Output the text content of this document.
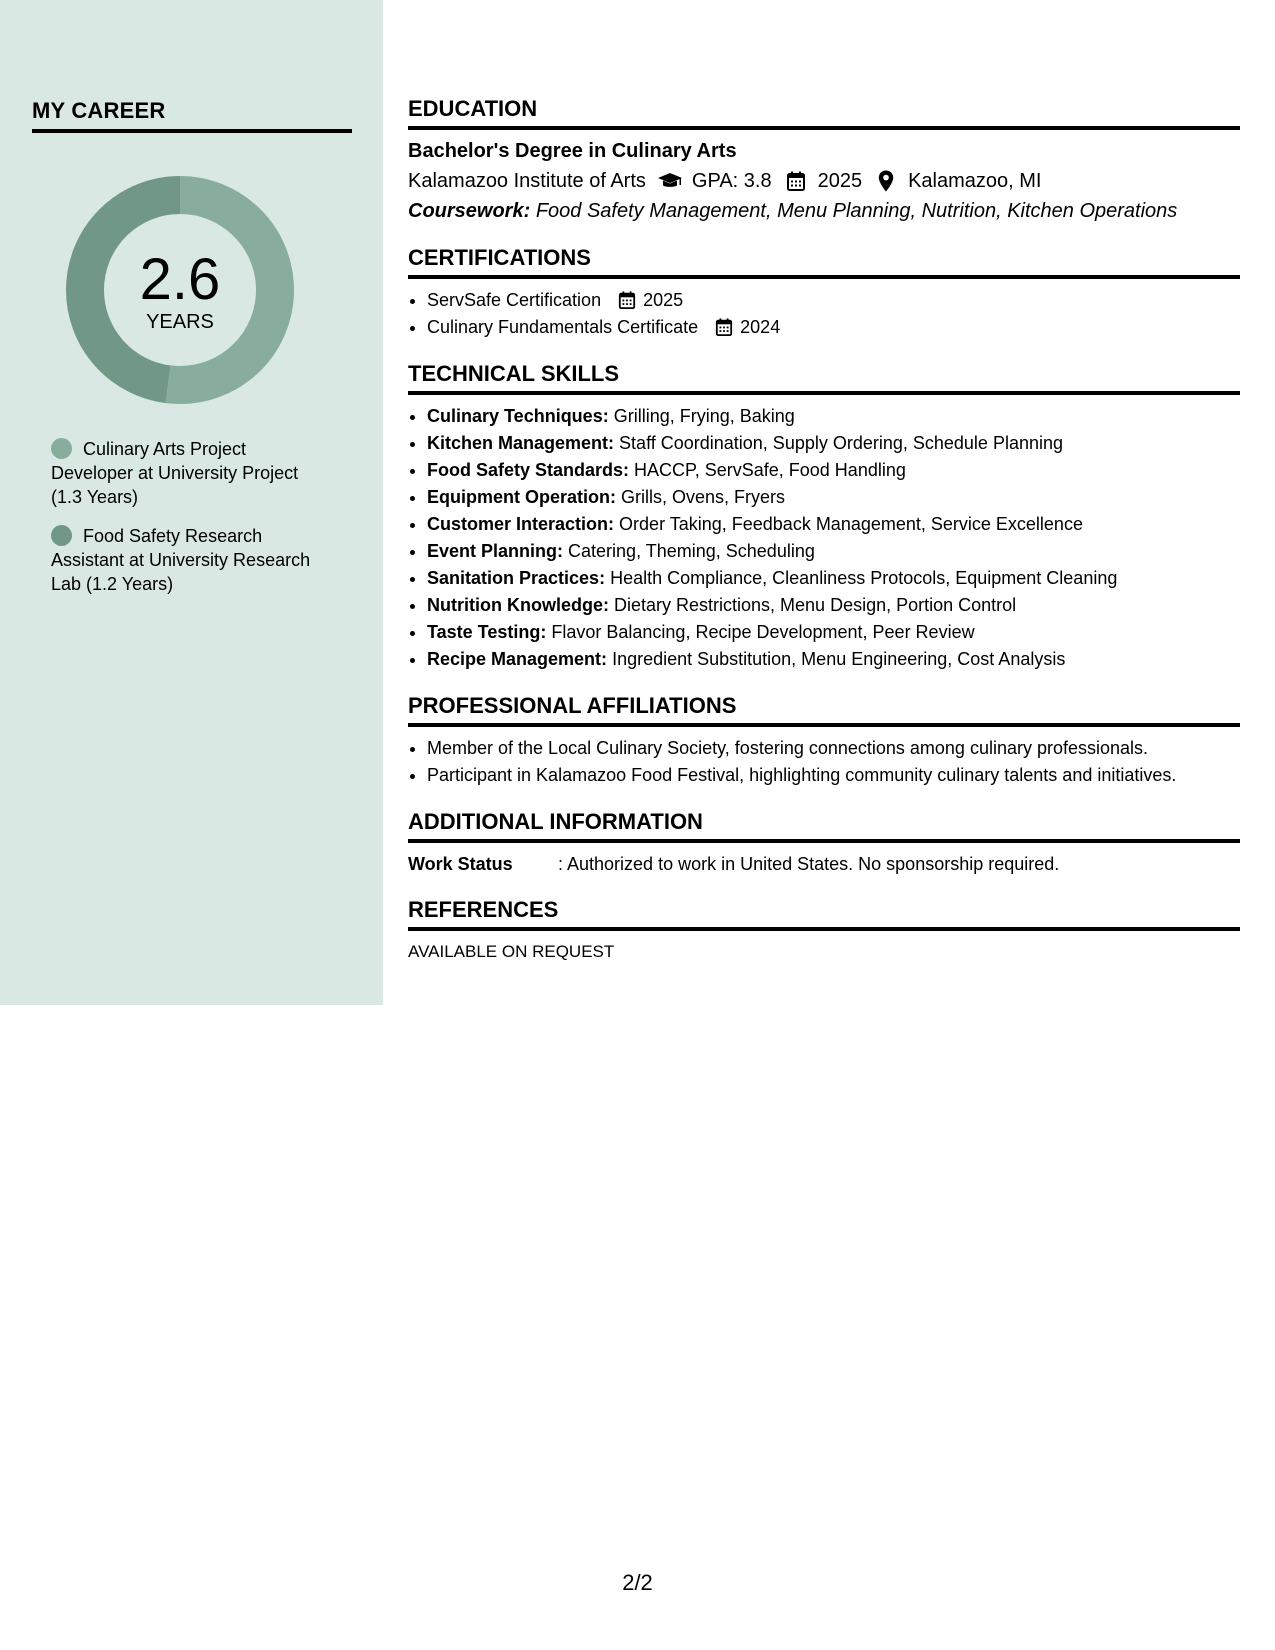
MY CAREER
2.6
YEARS
Culinary Arts Project Developer at University Project (1.3 Years)
Food Safety Research Assistant at University Research Lab (1.2 Years)
EDUCATION
Bachelor's Degree in Culinary Arts
Kalamazoo Institute of Arts GPA: 3.8 2025 Kalamazoo, MI
Coursework: Food Safety Management, Menu Planning, Nutrition, Kitchen Operations
CERTIFICATIONS
• ServSafe Certification 2025
• Culinary Fundamentals Certificate 2024
TECHNICAL SKILLS
• Culinary Techniques: Grilling, Frying, Baking
• Kitchen Management: Staff Coordination, Supply Ordering, Schedule Planning
• Food Safety Standards: HACCP, ServSafe, Food Handling
• Equipment Operation: Grills, Ovens, Fryers
• Customer Interaction: Order Taking, Feedback Management, Service Excellence
• Event Planning: Catering, Theming, Scheduling
• Sanitation Practices: Health Compliance, Cleanliness Protocols, Equipment Cleaning
• Nutrition Knowledge: Dietary Restrictions, Menu Design, Portion Control
• Taste Testing: Flavor Balancing, Recipe Development, Peer Review
• Recipe Management: Ingredient Substitution, Menu Engineering, Cost Analysis
PROFESSIONAL AFFILIATIONS
• Member of the Local Culinary Society, fostering connections among culinary professionals.
• Participant in Kalamazoo Food Festival, highlighting community culinary talents and initiatives.
ADDITIONAL INFORMATION
Work Status	: Authorized to work in United States. No sponsorship required.
REFERENCES
AVAILABLE ON REQUEST
2/2
